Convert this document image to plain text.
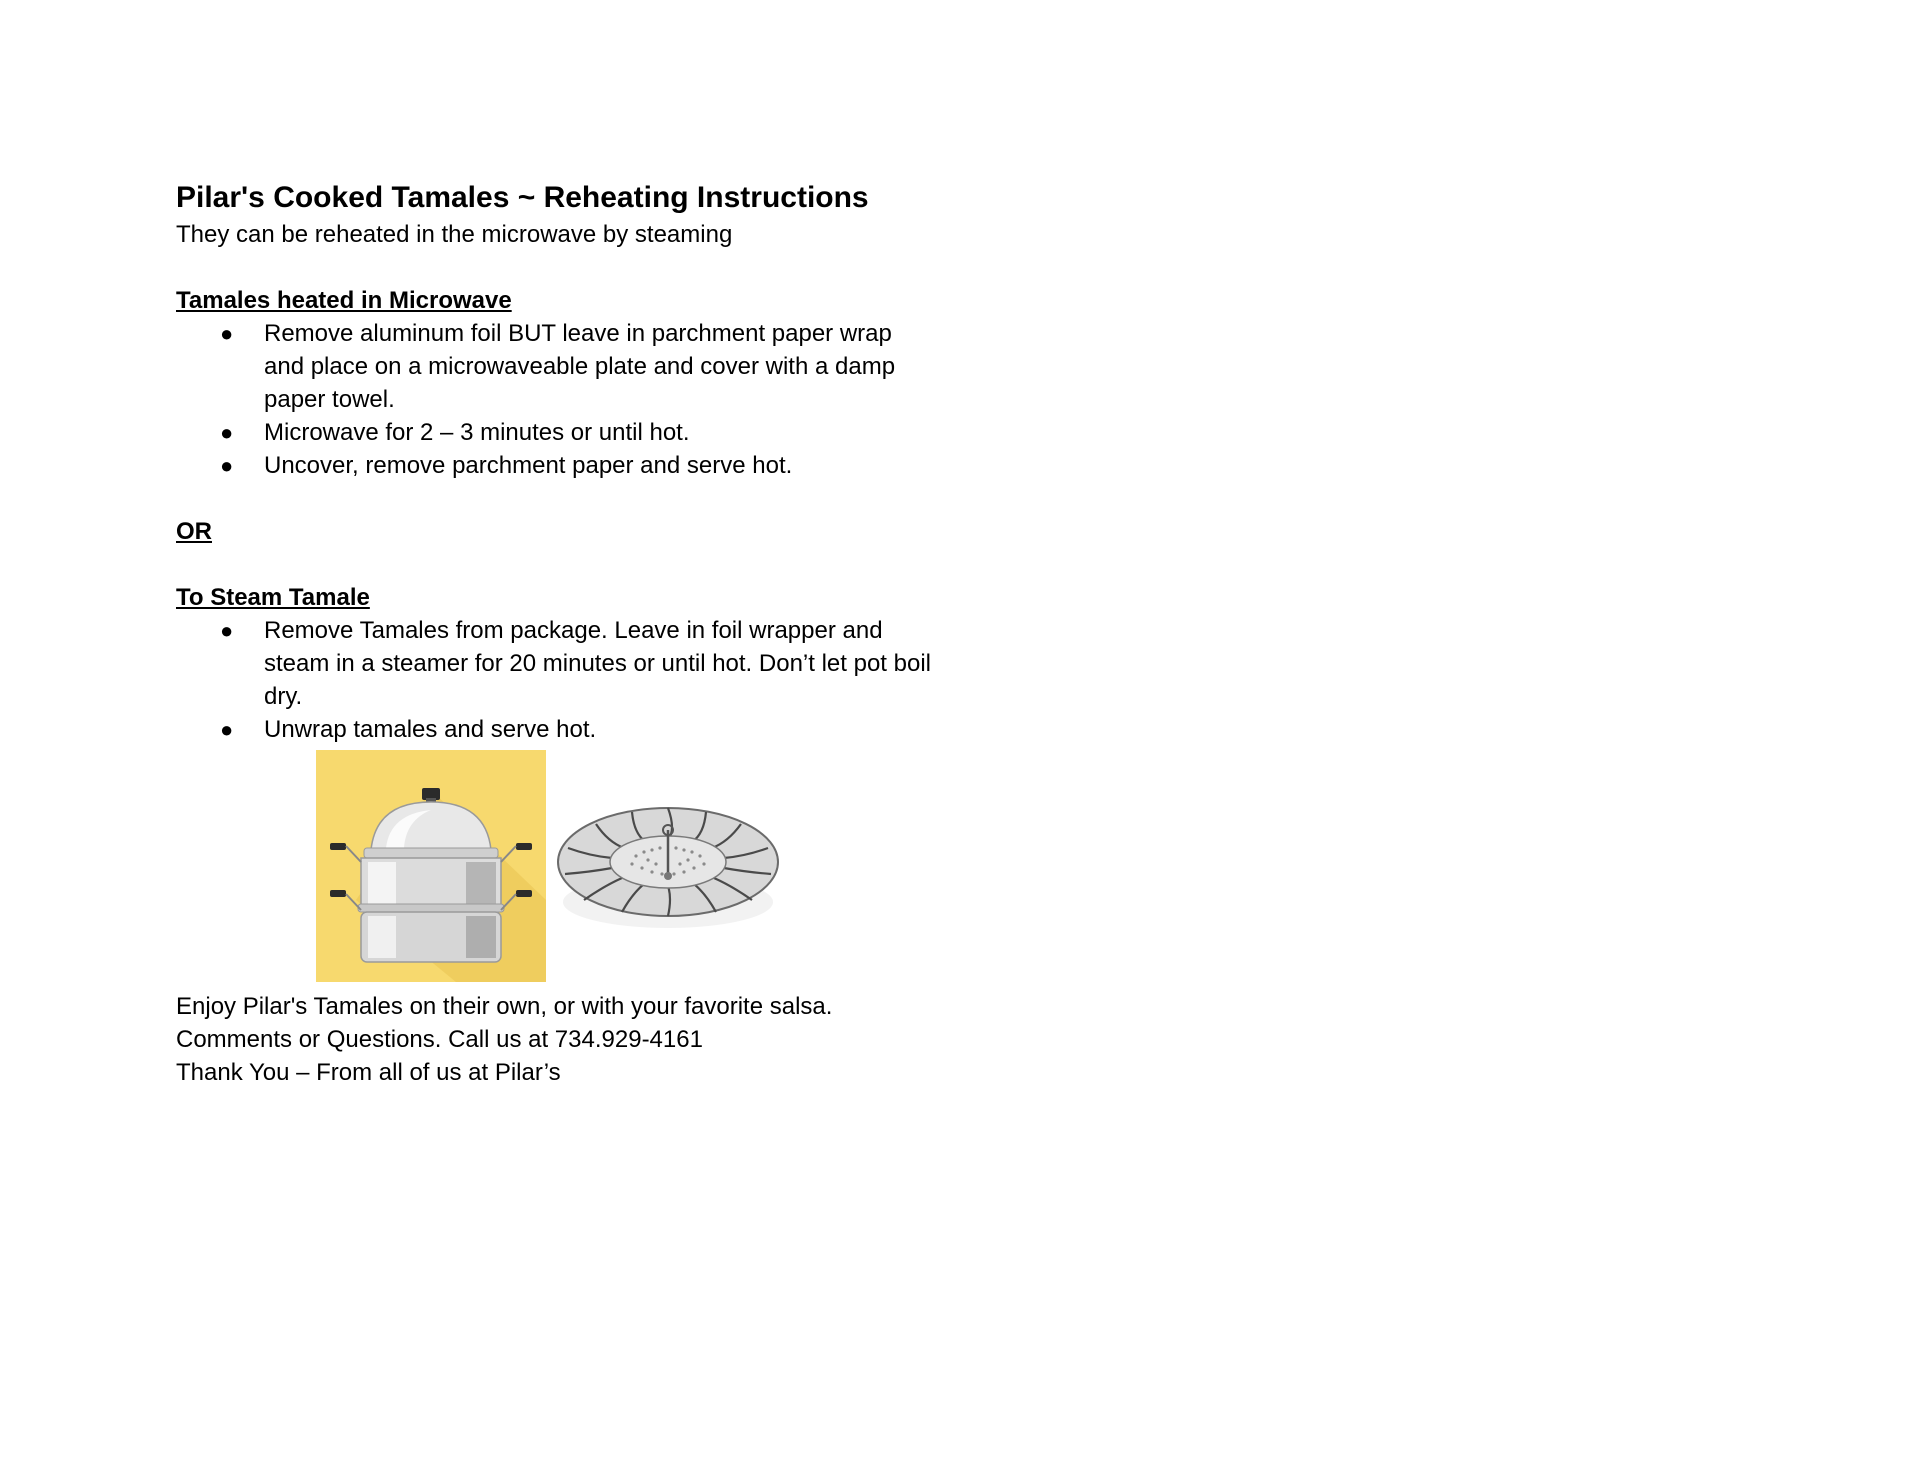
Pilar's Cooked Tamales ~ Reheating Instructions

They can be reheated in the microwave by steaming

Tamales heated in Microwave

● Remove aluminum foil BUT leave in parchment paper wrap and place on a microwaveable plate and cover with a damp paper towel.
● Microwave for 2 – 3 minutes or until hot.
● Uncover, remove parchment paper and serve hot.

OR

To Steam Tamale

● Remove Tamales from package. Leave in foil wrapper and steam in a steamer for 20 minutes or until hot. Don’t let pot boil dry.
● Unwrap tamales and serve hot.

Enjoy Pilar's Tamales on their own, or with your favorite salsa.

Comments or Questions. Call us at 734.929-4161

Thank You – From all of us at Pilar’s
